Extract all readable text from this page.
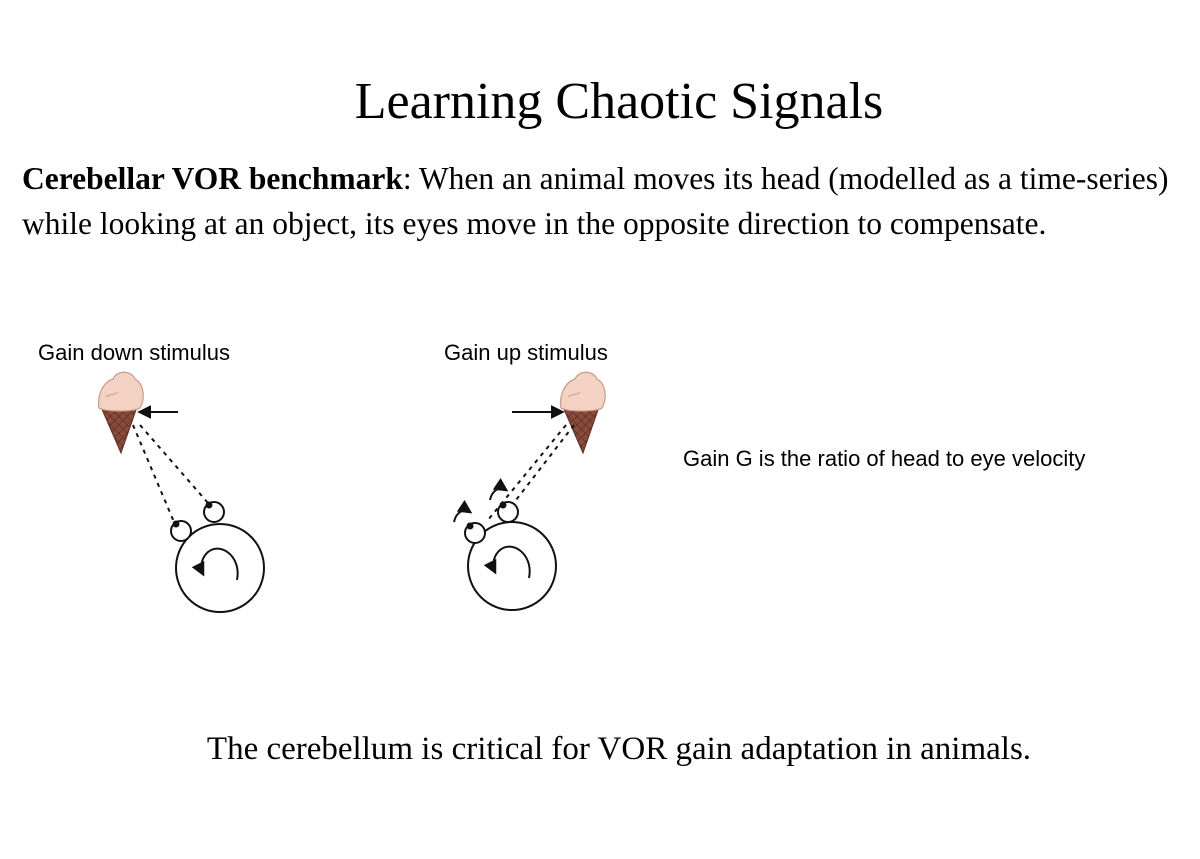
Learning Chaotic Signals

Cerebellar VOR benchmark: When an animal moves its head (modelled as a time-series) while looking at an object, its eyes move in the opposite direction to compensate.

Gain down stimulus	Gain up stimulus
Gain G is the ratio of head to eye velocity

The cerebellum is critical for VOR gain adaptation in animals.
